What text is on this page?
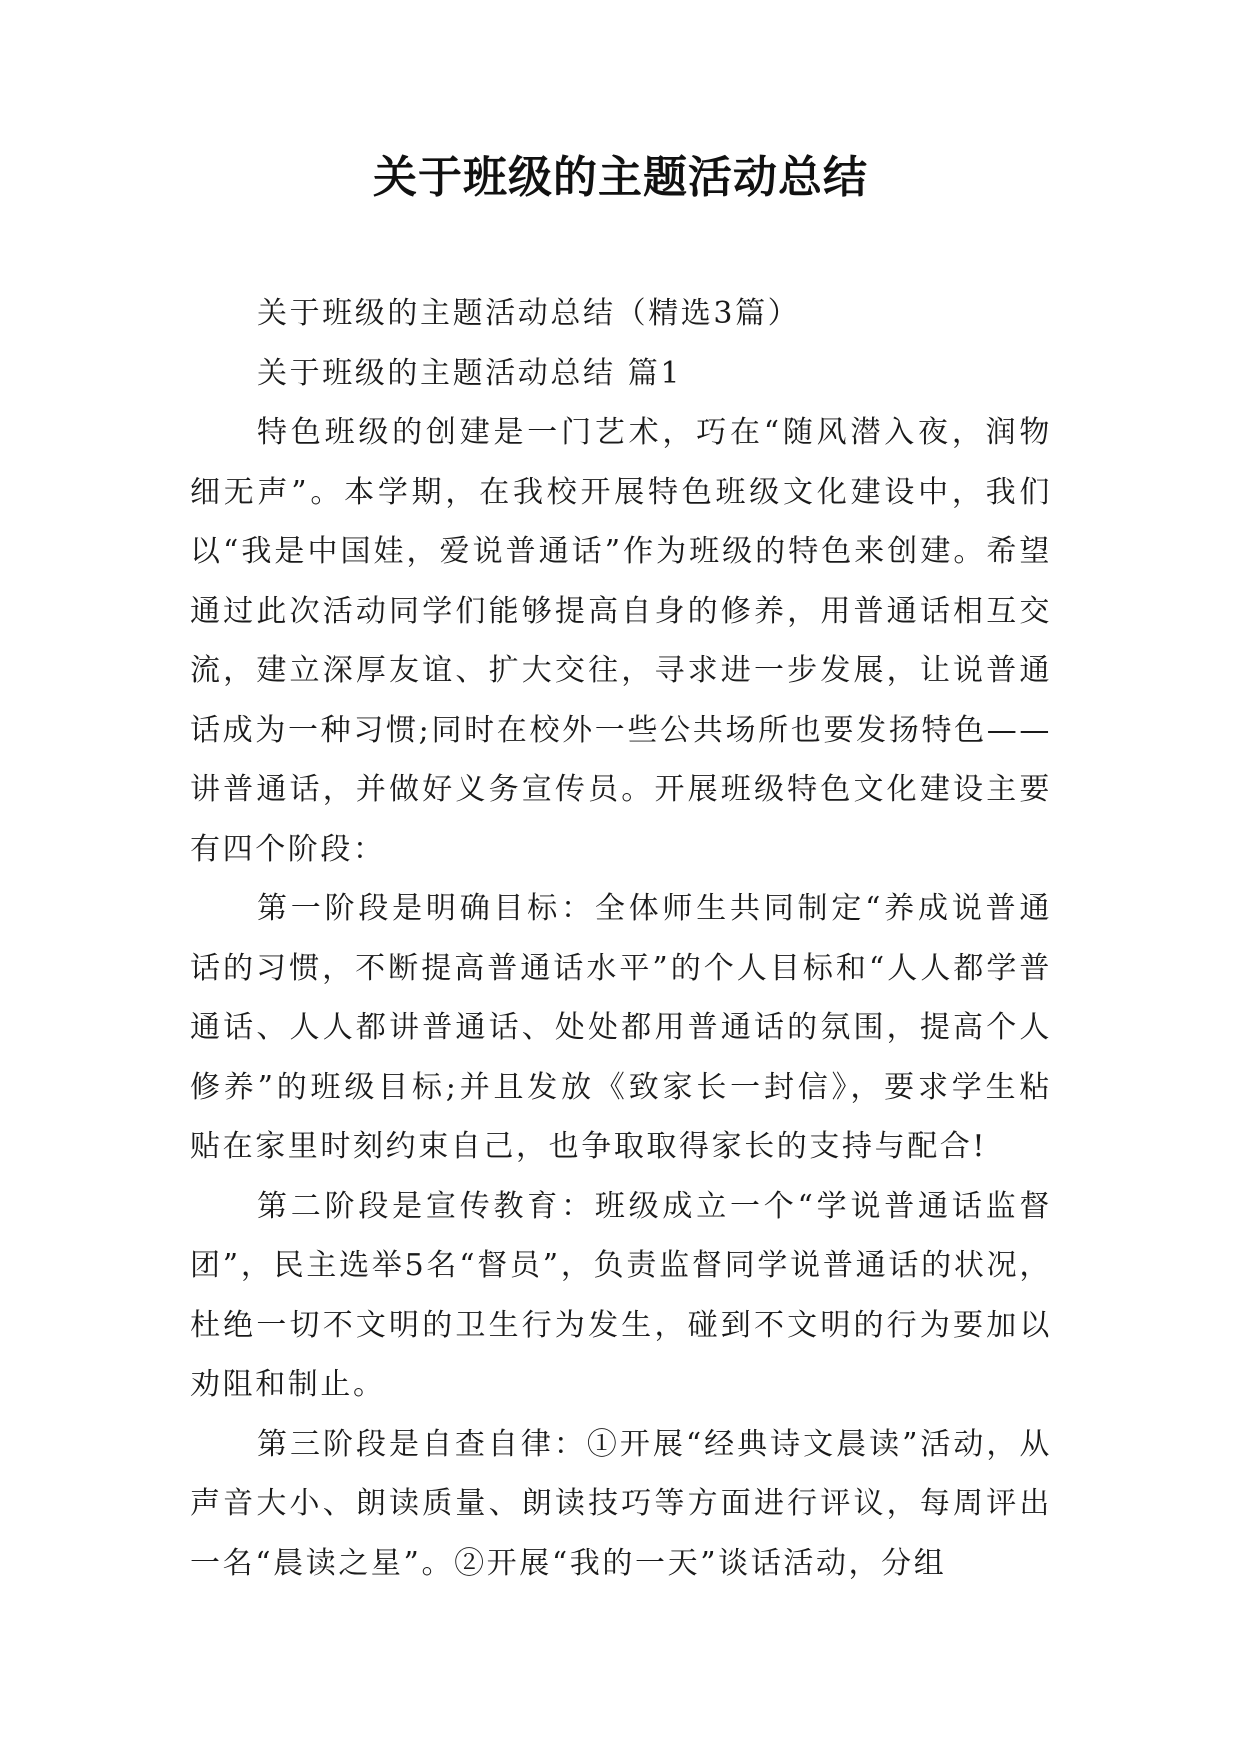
关于班级的主题活动总结

关于班级的主题活动总结（精选3篇）

关于班级的主题活动总结 篇1

特色班级的创建是一门艺术，巧在“随风潜入夜，润物细无声”。本学期，在我校开展特色班级文化建设中，我们以“我是中国娃，爱说普通话”作为班级的特色来创建。希望通过此次活动同学们能够提高自身的修养，用普通话相互交流，建立深厚友谊、扩大交往，寻求进一步发展，让说普通话成为一种习惯;同时在校外一些公共场所也要发扬特色——讲普通话，并做好义务宣传员。开展班级特色文化建设主要有四个阶段：

第一阶段是明确目标：全体师生共同制定“养成说普通话的习惯，不断提高普通话水平”的个人目标和“人人都学普通话、人人都讲普通话、处处都用普通话的氛围，提高个人修养”的班级目标;并且发放《致家长一封信》，要求学生粘贴在家里时刻约束自己，也争取取得家长的支持与配合!

第二阶段是宣传教育：班级成立一个“学说普通话监督团”，民主选举5名“督员”，负责监督同学说普通话的状况，杜绝一切不文明的卫生行为发生，碰到不文明的行为要加以劝阻和制止。

第三阶段是自查自律：①开展“经典诗文晨读”活动，从声音大小、朗读质量、朗读技巧等方面进行评议，每周评出一名“晨读之星”。②开展“我的一天”谈话活动，分组
